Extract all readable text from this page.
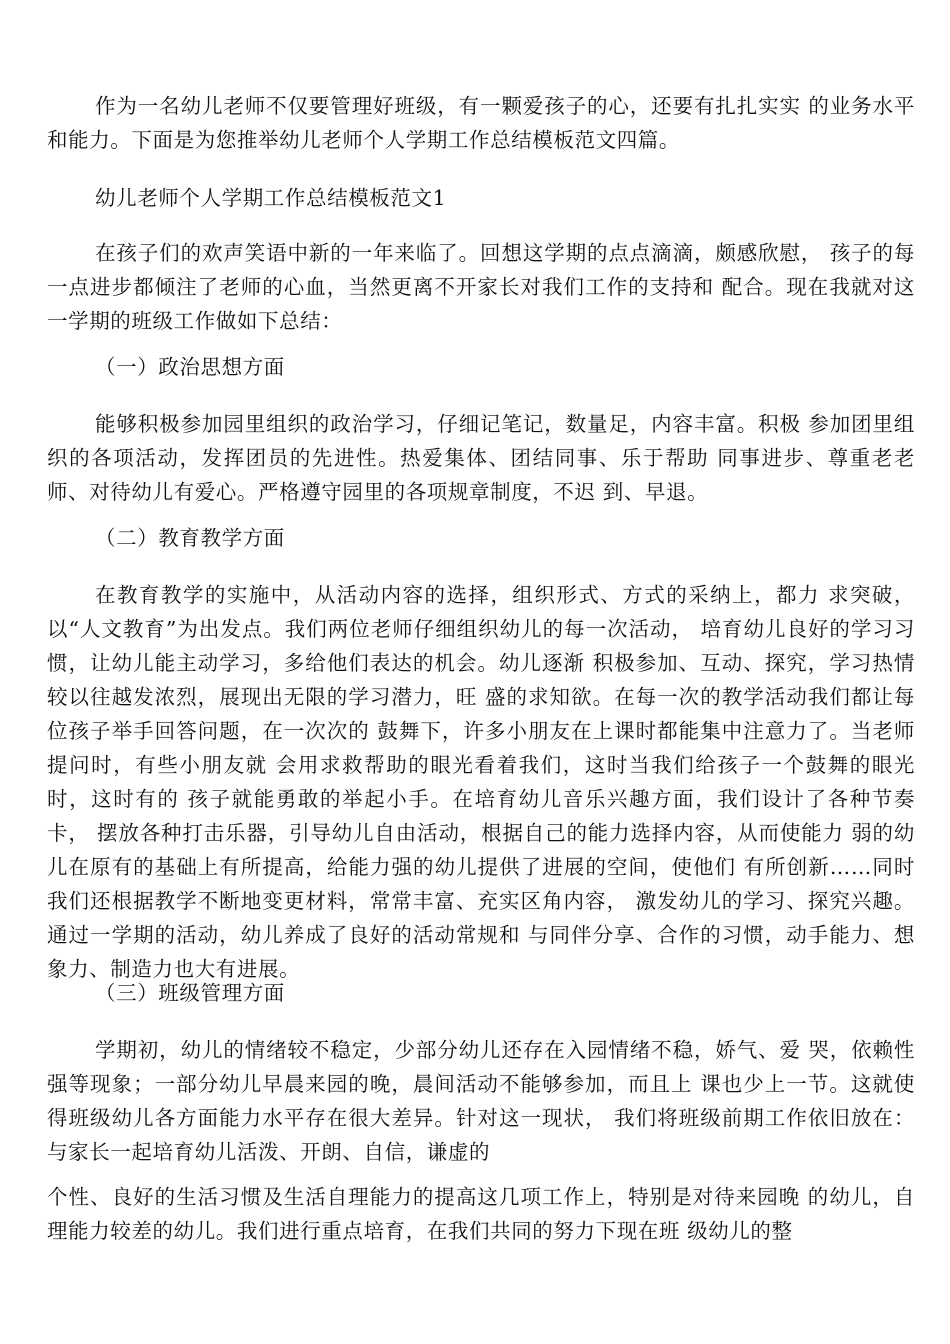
作为一名幼儿老师不仅要管理好班级，有一颗爱孩子的心，还要有扎扎实实 的业务水平和能力。下面是为您推举幼儿老师个人学期工作总结模板范文四篇。

幼儿老师个人学期工作总结模板范文1

在孩子们的欢声笑语中新的一年来临了。回想这学期的点点滴滴，颇感欣慰， 孩子的每一点进步都倾注了老师的心血，当然更离不开家长对我们工作的支持和 配合。现在我就对这一学期的班级工作做如下总结：

（一）政治思想方面

能够积极参加园里组织的政治学习，仔细记笔记，数量足，内容丰富。积极 参加团里组织的各项活动，发挥团员的先进性。热爱集体、团结同事、乐于帮助 同事进步、尊重老老师、对待幼儿有爱心。严格遵守园里的各项规章制度，不迟 到、早退。

（二）教育教学方面

在教育教学的实施中，从活动内容的选择，组织形式、方式的采纳上，都力 求突破，以“人文教育”为出发点。我们两位老师仔细组织幼儿的每一次活动， 培育幼儿良好的学习习惯，让幼儿能主动学习，多给他们表达的机会。幼儿逐渐 积极参加、互动、探究，学习热情较以往越发浓烈，展现出无限的学习潜力，旺 盛的求知欲。在每一次的教学活动我们都让每位孩子举手回答问题，在一次次的 鼓舞下，许多小朋友在上课时都能集中注意力了。当老师提问时，有些小朋友就 会用求救帮助的眼光看着我们，这时当我们给孩子一个鼓舞的眼光时，这时有的 孩子就能勇敢的举起小手。在培育幼儿音乐兴趣方面，我们设计了各种节奏卡， 摆放各种打击乐器，引导幼儿自由活动，根据自己的能力选择内容，从而使能力 弱的幼儿在原有的基础上有所提高，给能力强的幼儿提供了进展的空间，使他们 有所创新……同时我们还根据教学不断地变更材料，常常丰富、充实区角内容， 激发幼儿的学习、探究兴趣。通过一学期的活动，幼儿养成了良好的活动常规和 与同伴分享、合作的习惯，动手能力、想象力、制造力也大有进展。

（三）班级管理方面

学期初，幼儿的情绪较不稳定，少部分幼儿还存在入园情绪不稳，娇气、爱 哭，依赖性强等现象；一部分幼儿早晨来园的晚，晨间活动不能够参加，而且上 课也少上一节。这就使得班级幼儿各方面能力水平存在很大差异。针对这一现状， 我们将班级前期工作依旧放在：与家长一起培育幼儿活泼、开朗、自信，谦虚的

个性、良好的生活习惯及生活自理能力的提高这几项工作上，特别是对待来园晚 的幼儿，自理能力较差的幼儿。我们进行重点培育，在我们共同的努力下现在班 级幼儿的整
